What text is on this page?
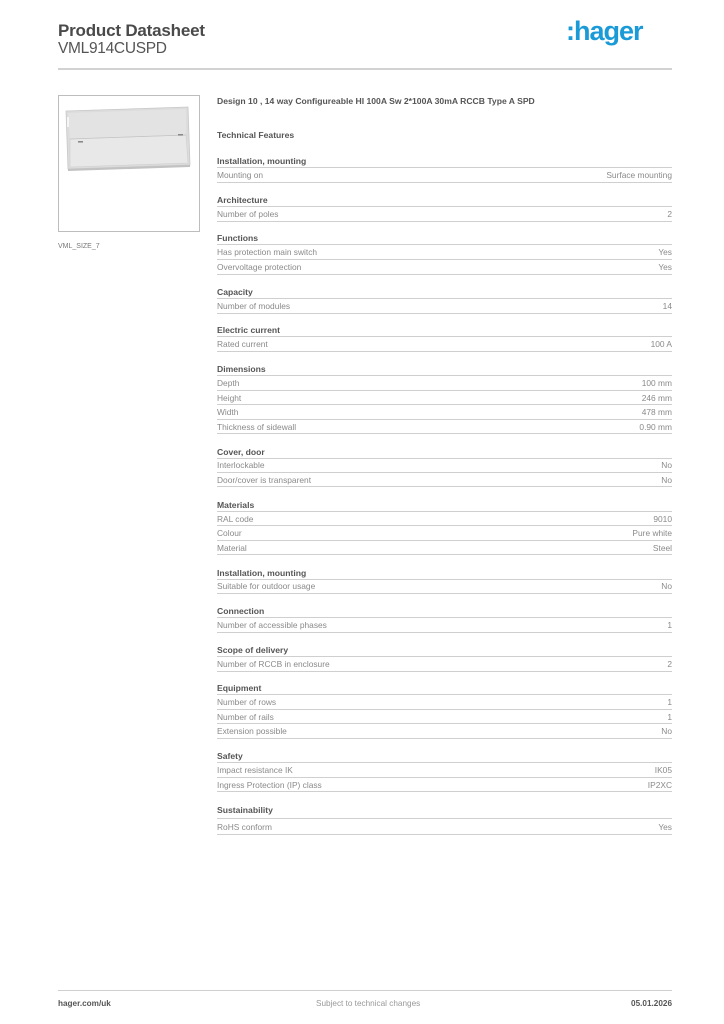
Product Datasheet
VML914CUSPD
:hager
VML_SIZE_7
Design 10 , 14 way Configureable HI 100A Sw 2*100A 30mA RCCB Type A SPD
Technical Features
Installation, mounting
Mounting on	Surface mounting
Architecture
Number of poles	2
Functions
Has protection main switch	Yes
Overvoltage protection	Yes
Capacity
Number of modules	14
Electric current
Rated current	100 A
Dimensions
Depth	100 mm
Height	246 mm
Width	478 mm
Thickness of sidewall	0.90 mm
Cover, door
Interlockable	No
Door/cover is transparent	No
Materials
RAL code	9010
Colour	Pure white
Material	Steel
Installation, mounting
Suitable for outdoor usage	No
Connection
Number of accessible phases	1
Scope of delivery
Number of RCCB in enclosure	2
Equipment
Number of rows	1
Number of rails	1
Extension possible	No
Safety
Impact resistance IK	IK05
Ingress Protection (IP) class	IP2XC
Sustainability
RoHS conform	Yes
hager.com/uk	Subject to technical changes	05.01.2026
